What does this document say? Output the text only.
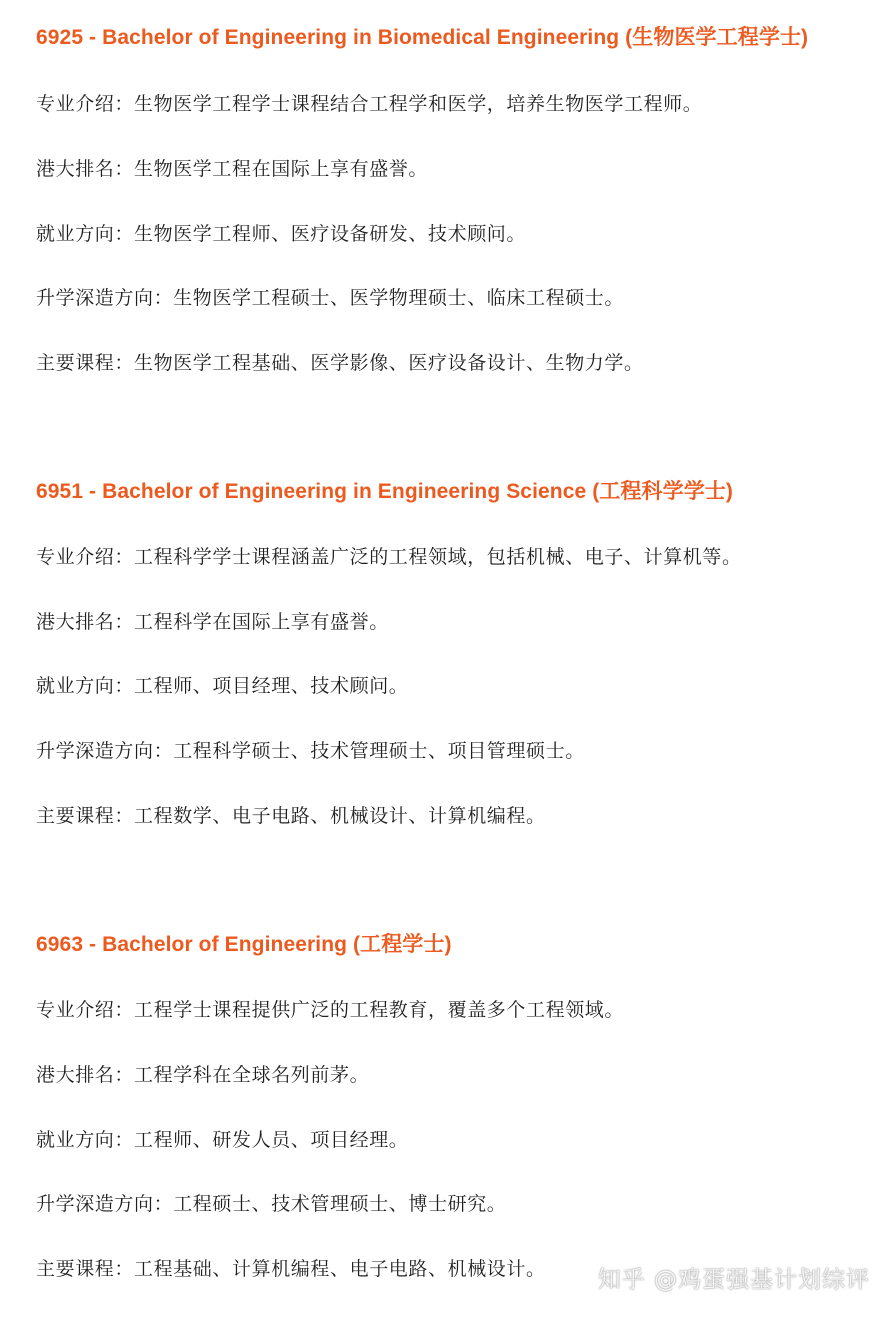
6925 - Bachelor of Engineering in Biomedical Engineering (生物医学工程学士)
专业介绍：生物医学工程学士课程结合工程学和医学，培养生物医学工程师。
港大排名：生物医学工程在国际上享有盛誉。
就业方向：生物医学工程师、医疗设备研发、技术顾问。
升学深造方向：生物医学工程硕士、医学物理硕士、临床工程硕士。
主要课程：生物医学工程基础、医学影像、医疗设备设计、生物力学。
6951 - Bachelor of Engineering in Engineering Science (工程科学学士)
专业介绍：工程科学学士课程涵盖广泛的工程领域，包括机械、电子、计算机等。
港大排名：工程科学在国际上享有盛誉。
就业方向：工程师、项目经理、技术顾问。
升学深造方向：工程科学硕士、技术管理硕士、项目管理硕士。
主要课程：工程数学、电子电路、机械设计、计算机编程。
6963 - Bachelor of Engineering (工程学士)
专业介绍：工程学士课程提供广泛的工程教育，覆盖多个工程领域。
港大排名：工程学科在全球名列前茅。
就业方向：工程师、研发人员、项目经理。
升学深造方向：工程硕士、技术管理硕士、博士研究。
主要课程：工程基础、计算机编程、电子电路、机械设计。 知乎 @鸡蛋强基计划综评
